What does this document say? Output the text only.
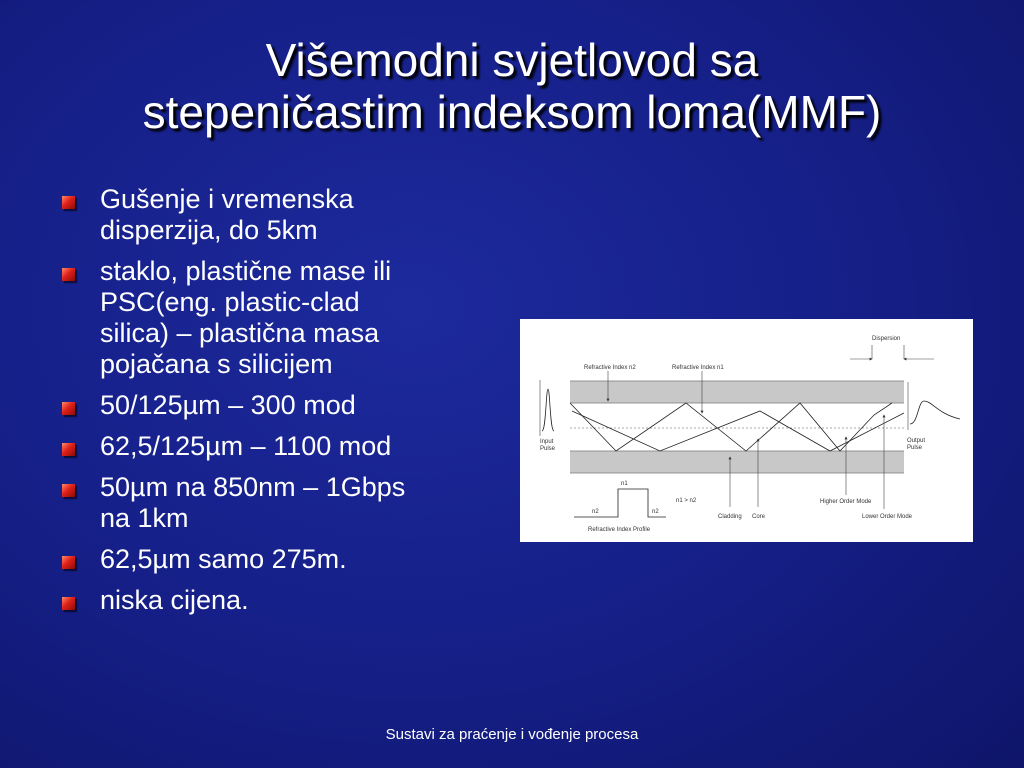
Višemodni svjetlovod sa
stepeničastim indeksom loma(MMF)
Gušenje i vremenska
disperzija, do 5km
staklo, plastične mase ili
PSC(eng. plastic-clad
silica) – plastična masa
pojačana s silicijem
50/125µm – 300 mod
62,5/125µm – 1100 mod
50µm na 850nm – 1Gbps
na 1km
62,5µm samo 275m.
niska cijena.
Dispersion
Refractive Index n2	Refractive Index n1
Input
Pulse
Output
Pulse
n1
n2	n2
n1 > n2
Cladding Core
Higher Order Mode
Lower Order Mode
Refractive Index Profile
Sustavi za praćenje i vođenje procesa
